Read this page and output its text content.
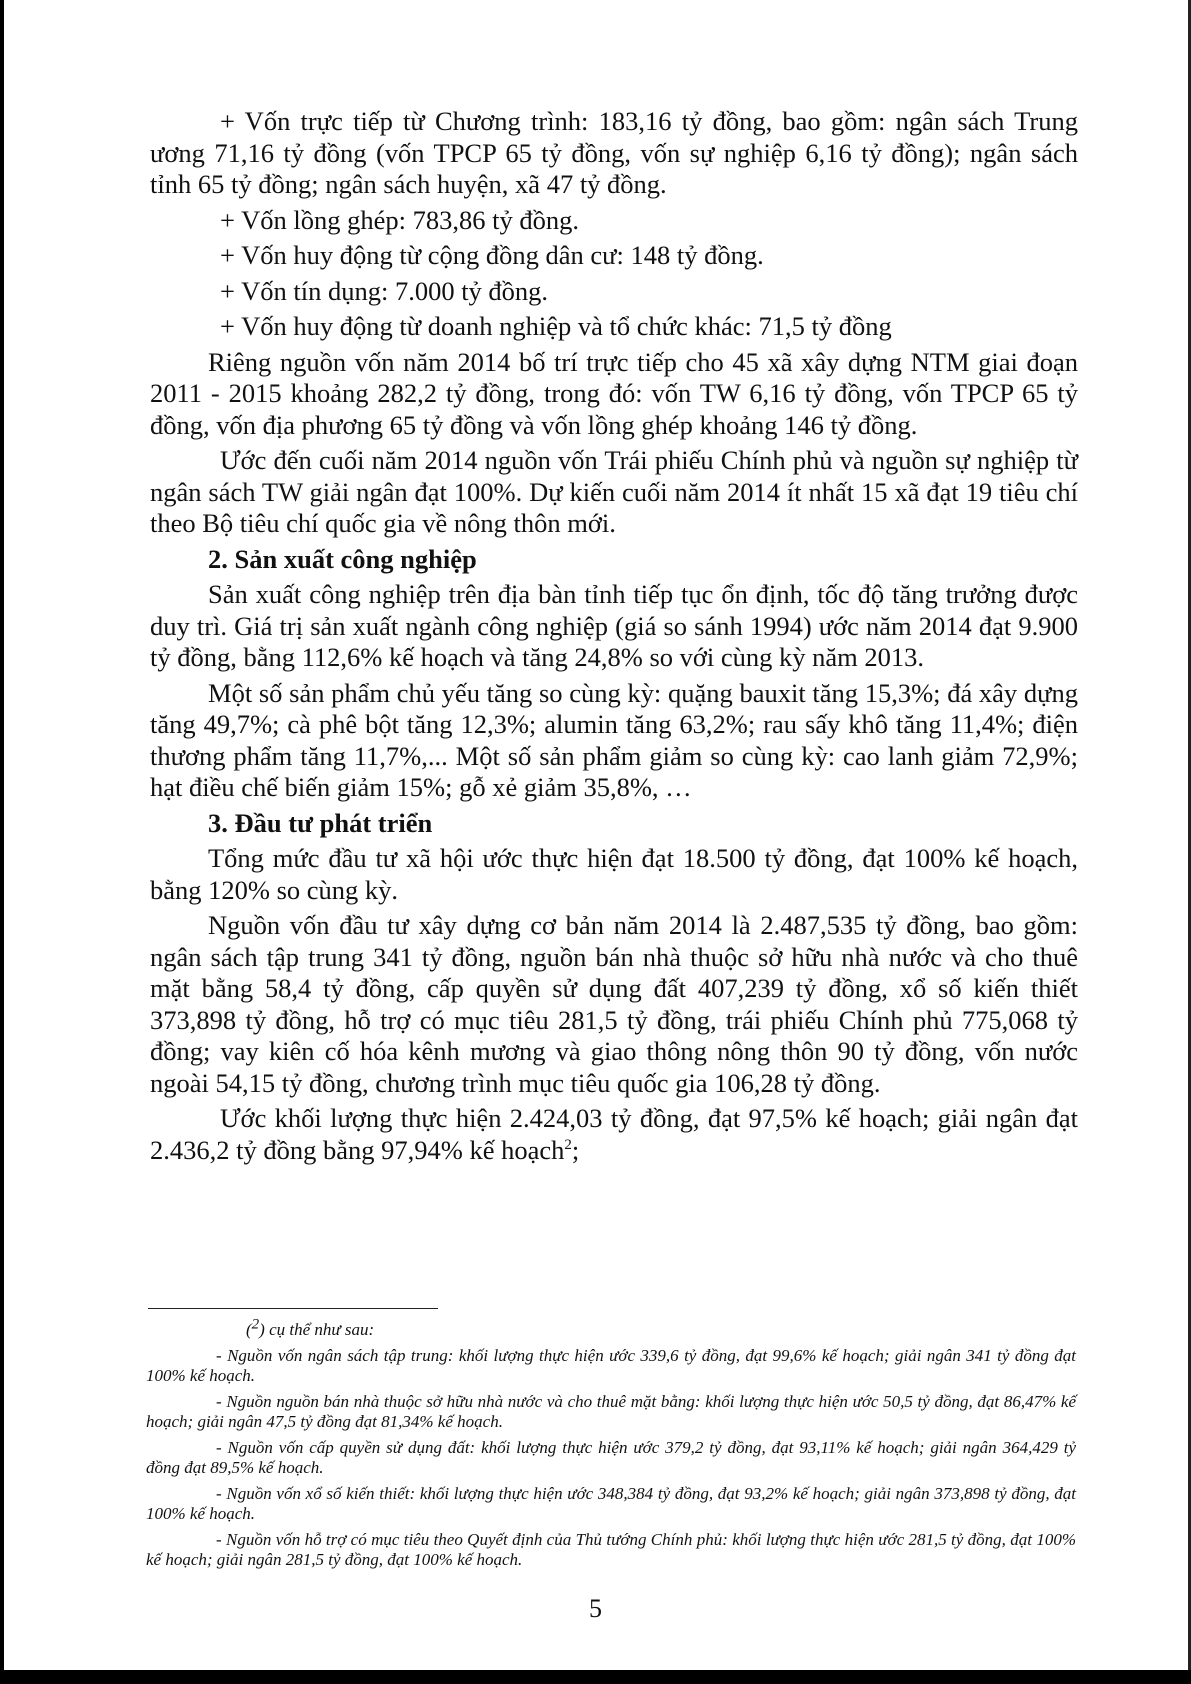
+ Vốn trực tiếp từ Chương trình: 183,16 tỷ đồng, bao gồm: ngân sách Trung ương 71,16 tỷ đồng (vốn TPCP 65 tỷ đồng, vốn sự nghiệp 6,16 tỷ đồng); ngân sách tỉnh 65 tỷ đồng; ngân sách huyện, xã 47 tỷ đồng.

+ Vốn lồng ghép: 783,86 tỷ đồng.

+ Vốn huy động từ cộng đồng dân cư: 148 tỷ đồng.

+ Vốn tín dụng: 7.000 tỷ đồng.

+ Vốn huy động từ doanh nghiệp và tổ chức khác: 71,5 tỷ đồng

Riêng nguồn vốn năm 2014 bố trí trực tiếp cho 45 xã xây dựng NTM giai đoạn 2011 - 2015 khoảng 282,2 tỷ đồng, trong đó: vốn TW 6,16 tỷ đồng, vốn TPCP 65 tỷ đồng, vốn địa phương 65 tỷ đồng và vốn lồng ghép khoảng 146 tỷ đồng.

Ước đến cuối năm 2014 nguồn vốn Trái phiếu Chính phủ và nguồn sự nghiệp từ ngân sách TW giải ngân đạt 100%. Dự kiến cuối năm 2014 ít nhất 15 xã đạt 19 tiêu chí theo Bộ tiêu chí quốc gia về nông thôn mới.

2. Sản xuất công nghiệp

Sản xuất công nghiệp trên địa bàn tỉnh tiếp tục ổn định, tốc độ tăng trưởng được duy trì. Giá trị sản xuất ngành công nghiệp (giá so sánh 1994) ước năm 2014 đạt 9.900 tỷ đồng, bằng 112,6% kế hoạch và tăng 24,8% so với cùng kỳ năm 2013.

Một số sản phẩm chủ yếu tăng so cùng kỳ: quặng bauxit tăng 15,3%; đá xây dựng tăng 49,7%; cà phê bột tăng 12,3%; alumin tăng 63,2%; rau sấy khô tăng 11,4%; điện thương phẩm tăng 11,7%,... Một số sản phẩm giảm so cùng kỳ: cao lanh giảm 72,9%; hạt điều chế biến giảm 15%; gỗ xẻ giảm 35,8%, …

3. Đầu tư phát triển

Tổng mức đầu tư xã hội ước thực hiện đạt 18.500 tỷ đồng, đạt 100% kế hoạch, bằng 120% so cùng kỳ.

Nguồn vốn đầu tư xây dựng cơ bản năm 2014 là 2.487,535 tỷ đồng, bao gồm: ngân sách tập trung 341 tỷ đồng, nguồn bán nhà thuộc sở hữu nhà nước và cho thuê mặt bằng 58,4 tỷ đồng, cấp quyền sử dụng đất 407,239 tỷ đồng, xổ số kiến thiết 373,898 tỷ đồng, hỗ trợ có mục tiêu 281,5 tỷ đồng, trái phiếu Chính phủ 775,068 tỷ đồng; vay kiên cố hóa kênh mương và giao thông nông thôn 90 tỷ đồng, vốn nước ngoài 54,15 tỷ đồng, chương trình mục tiêu quốc gia 106,28 tỷ đồng.

Ước khối lượng thực hiện 2.424,03 tỷ đồng, đạt 97,5% kế hoạch; giải ngân đạt 2.436,2 tỷ đồng bằng 97,94% kế hoạch$^2$;

(2) cụ thể như sau:

- Nguồn vốn ngân sách tập trung: khối lượng thực hiện ước 339,6 tỷ đồng, đạt 99,6% kế hoạch; giải ngân 341 tỷ đồng đạt 100% kế hoạch.

- Nguồn nguồn bán nhà thuộc sở hữu nhà nước và cho thuê mặt bằng: khối lượng thực hiện ước 50,5 tỷ đồng, đạt 86,47% kế hoạch; giải ngân 47,5 tỷ đồng đạt 81,34% kế hoạch.

- Nguồn vốn cấp quyền sử dụng đất: khối lượng thực hiện ước 379,2 tỷ đồng, đạt 93,11% kế hoạch; giải ngân 364,429 tỷ đồng đạt 89,5% kế hoạch.

- Nguồn vốn xổ số kiến thiết: khối lượng thực hiện ước 348,384 tỷ đồng, đạt 93,2% kế hoạch; giải ngân 373,898 tỷ đồng, đạt 100% kế hoạch.

- Nguồn vốn hỗ trợ có mục tiêu theo Quyết định của Thủ tướng Chính phủ: khối lượng thực hiện ước 281,5 tỷ đồng, đạt 100% kế hoạch; giải ngân 281,5 tỷ đồng, đạt 100% kế hoạch.

5
